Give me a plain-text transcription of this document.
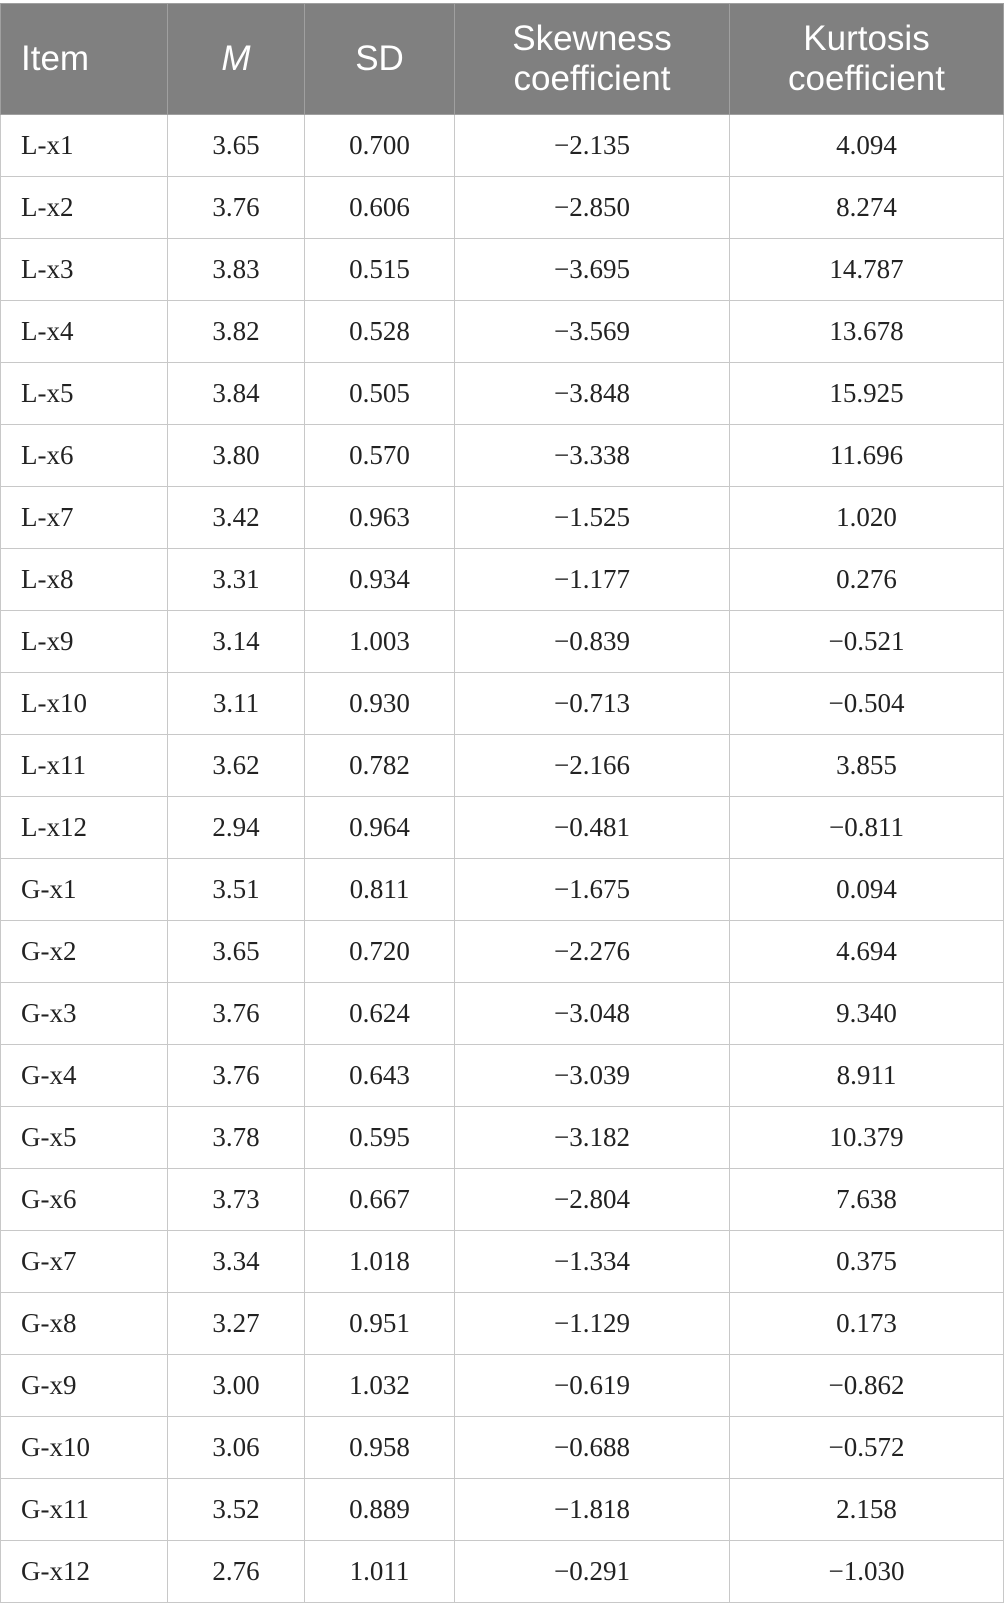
Item	M	SD	Skewness coefficient	Kurtosis coefficient
L-x1	3.65	0.700	−2.135	4.094
L-x2	3.76	0.606	−2.850	8.274
L-x3	3.83	0.515	−3.695	14.787
L-x4	3.82	0.528	−3.569	13.678
L-x5	3.84	0.505	−3.848	15.925
L-x6	3.80	0.570	−3.338	11.696
L-x7	3.42	0.963	−1.525	1.020
L-x8	3.31	0.934	−1.177	0.276
L-x9	3.14	1.003	−0.839	−0.521
L-x10	3.11	0.930	−0.713	−0.504
L-x11	3.62	0.782	−2.166	3.855
L-x12	2.94	0.964	−0.481	−0.811
G-x1	3.51	0.811	−1.675	0.094
G-x2	3.65	0.720	−2.276	4.694
G-x3	3.76	0.624	−3.048	9.340
G-x4	3.76	0.643	−3.039	8.911
G-x5	3.78	0.595	−3.182	10.379
G-x6	3.73	0.667	−2.804	7.638
G-x7	3.34	1.018	−1.334	0.375
G-x8	3.27	0.951	−1.129	0.173
G-x9	3.00	1.032	−0.619	−0.862
G-x10	3.06	0.958	−0.688	−0.572
G-x11	3.52	0.889	−1.818	2.158
G-x12	2.76	1.011	−0.291	−1.030
